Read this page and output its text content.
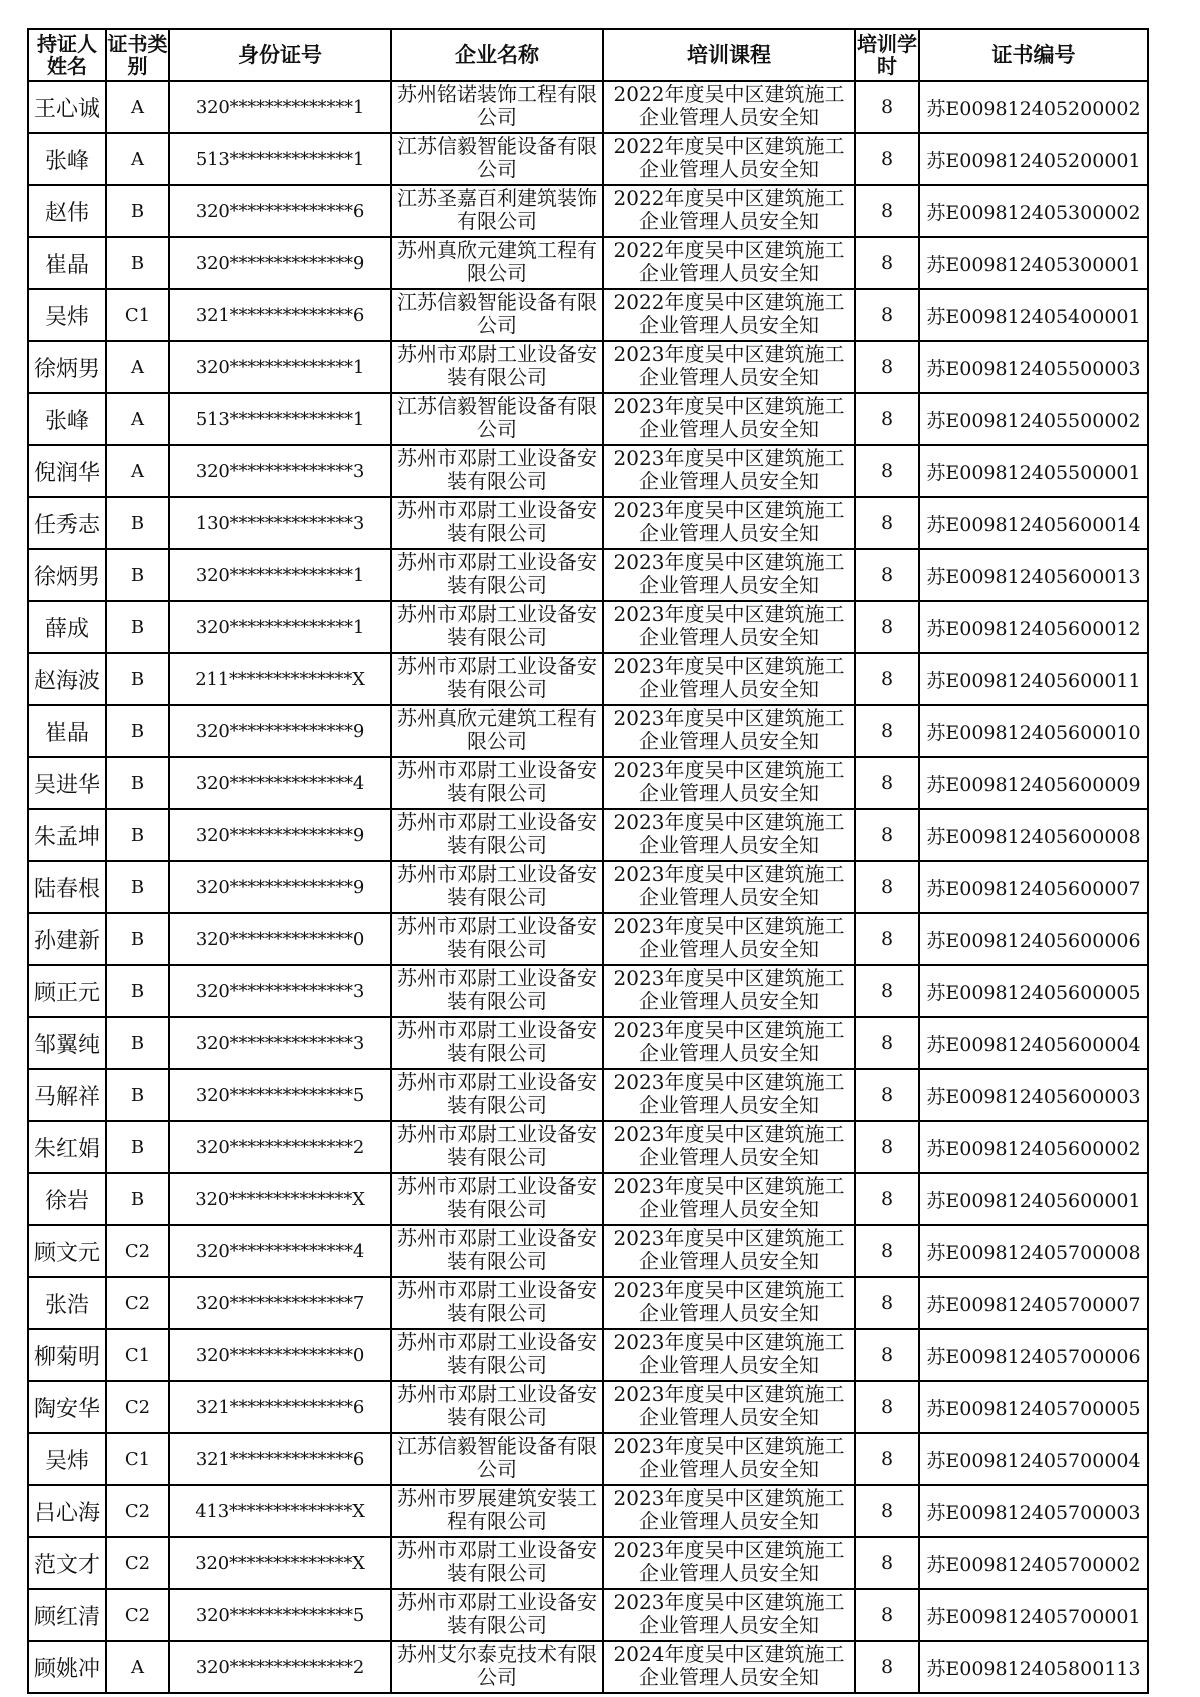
持证人姓名	证书类别	身份证号	企业名称	培训课程	培训学时	证书编号
王心诚	A	320**************1	苏州铭诺装饰工程有限公司	2022年度吴中区建筑施工企业管理人员安全知	8	苏E009812405200002
张峰	A	513**************1	江苏信毅智能设备有限公司	2022年度吴中区建筑施工企业管理人员安全知	8	苏E009812405200001
赵伟	B	320**************6	江苏圣嘉百利建筑装饰有限公司	2022年度吴中区建筑施工企业管理人员安全知	8	苏E009812405300002
崔晶	B	320**************9	苏州真欣元建筑工程有限公司	2022年度吴中区建筑施工企业管理人员安全知	8	苏E009812405300001
吴炜	C1	321**************6	江苏信毅智能设备有限公司	2022年度吴中区建筑施工企业管理人员安全知	8	苏E009812405400001
徐炳男	A	320**************1	苏州市邓尉工业设备安装有限公司	2023年度吴中区建筑施工企业管理人员安全知	8	苏E009812405500003
张峰	A	513**************1	江苏信毅智能设备有限公司	2023年度吴中区建筑施工企业管理人员安全知	8	苏E009812405500002
倪润华	A	320**************3	苏州市邓尉工业设备安装有限公司	2023年度吴中区建筑施工企业管理人员安全知	8	苏E009812405500001
任秀志	B	130**************3	苏州市邓尉工业设备安装有限公司	2023年度吴中区建筑施工企业管理人员安全知	8	苏E009812405600014
徐炳男	B	320**************1	苏州市邓尉工业设备安装有限公司	2023年度吴中区建筑施工企业管理人员安全知	8	苏E009812405600013
薛成	B	320**************1	苏州市邓尉工业设备安装有限公司	2023年度吴中区建筑施工企业管理人员安全知	8	苏E009812405600012
赵海波	B	211**************X	苏州市邓尉工业设备安装有限公司	2023年度吴中区建筑施工企业管理人员安全知	8	苏E009812405600011
崔晶	B	320**************9	苏州真欣元建筑工程有限公司	2023年度吴中区建筑施工企业管理人员安全知	8	苏E009812405600010
吴进华	B	320**************4	苏州市邓尉工业设备安装有限公司	2023年度吴中区建筑施工企业管理人员安全知	8	苏E009812405600009
朱孟坤	B	320**************9	苏州市邓尉工业设备安装有限公司	2023年度吴中区建筑施工企业管理人员安全知	8	苏E009812405600008
陆春根	B	320**************9	苏州市邓尉工业设备安装有限公司	2023年度吴中区建筑施工企业管理人员安全知	8	苏E009812405600007
孙建新	B	320**************0	苏州市邓尉工业设备安装有限公司	2023年度吴中区建筑施工企业管理人员安全知	8	苏E009812405600006
顾正元	B	320**************3	苏州市邓尉工业设备安装有限公司	2023年度吴中区建筑施工企业管理人员安全知	8	苏E009812405600005
邹翼纯	B	320**************3	苏州市邓尉工业设备安装有限公司	2023年度吴中区建筑施工企业管理人员安全知	8	苏E009812405600004
马解祥	B	320**************5	苏州市邓尉工业设备安装有限公司	2023年度吴中区建筑施工企业管理人员安全知	8	苏E009812405600003
朱红娟	B	320**************2	苏州市邓尉工业设备安装有限公司	2023年度吴中区建筑施工企业管理人员安全知	8	苏E009812405600002
徐岩	B	320**************X	苏州市邓尉工业设备安装有限公司	2023年度吴中区建筑施工企业管理人员安全知	8	苏E009812405600001
顾文元	C2	320**************4	苏州市邓尉工业设备安装有限公司	2023年度吴中区建筑施工企业管理人员安全知	8	苏E009812405700008
张浩	C2	320**************7	苏州市邓尉工业设备安装有限公司	2023年度吴中区建筑施工企业管理人员安全知	8	苏E009812405700007
柳菊明	C1	320**************0	苏州市邓尉工业设备安装有限公司	2023年度吴中区建筑施工企业管理人员安全知	8	苏E009812405700006
陶安华	C2	321**************6	苏州市邓尉工业设备安装有限公司	2023年度吴中区建筑施工企业管理人员安全知	8	苏E009812405700005
吴炜	C1	321**************6	江苏信毅智能设备有限公司	2023年度吴中区建筑施工企业管理人员安全知	8	苏E009812405700004
吕心海	C2	413**************X	苏州市罗展建筑安装工程有限公司	2023年度吴中区建筑施工企业管理人员安全知	8	苏E009812405700003
范文才	C2	320**************X	苏州市邓尉工业设备安装有限公司	2023年度吴中区建筑施工企业管理人员安全知	8	苏E009812405700002
顾红清	C2	320**************5	苏州市邓尉工业设备安装有限公司	2023年度吴中区建筑施工企业管理人员安全知	8	苏E009812405700001
顾姚冲	A	320**************2	苏州艾尔泰克技术有限公司	2024年度吴中区建筑施工企业管理人员安全知	8	苏E009812405800113
